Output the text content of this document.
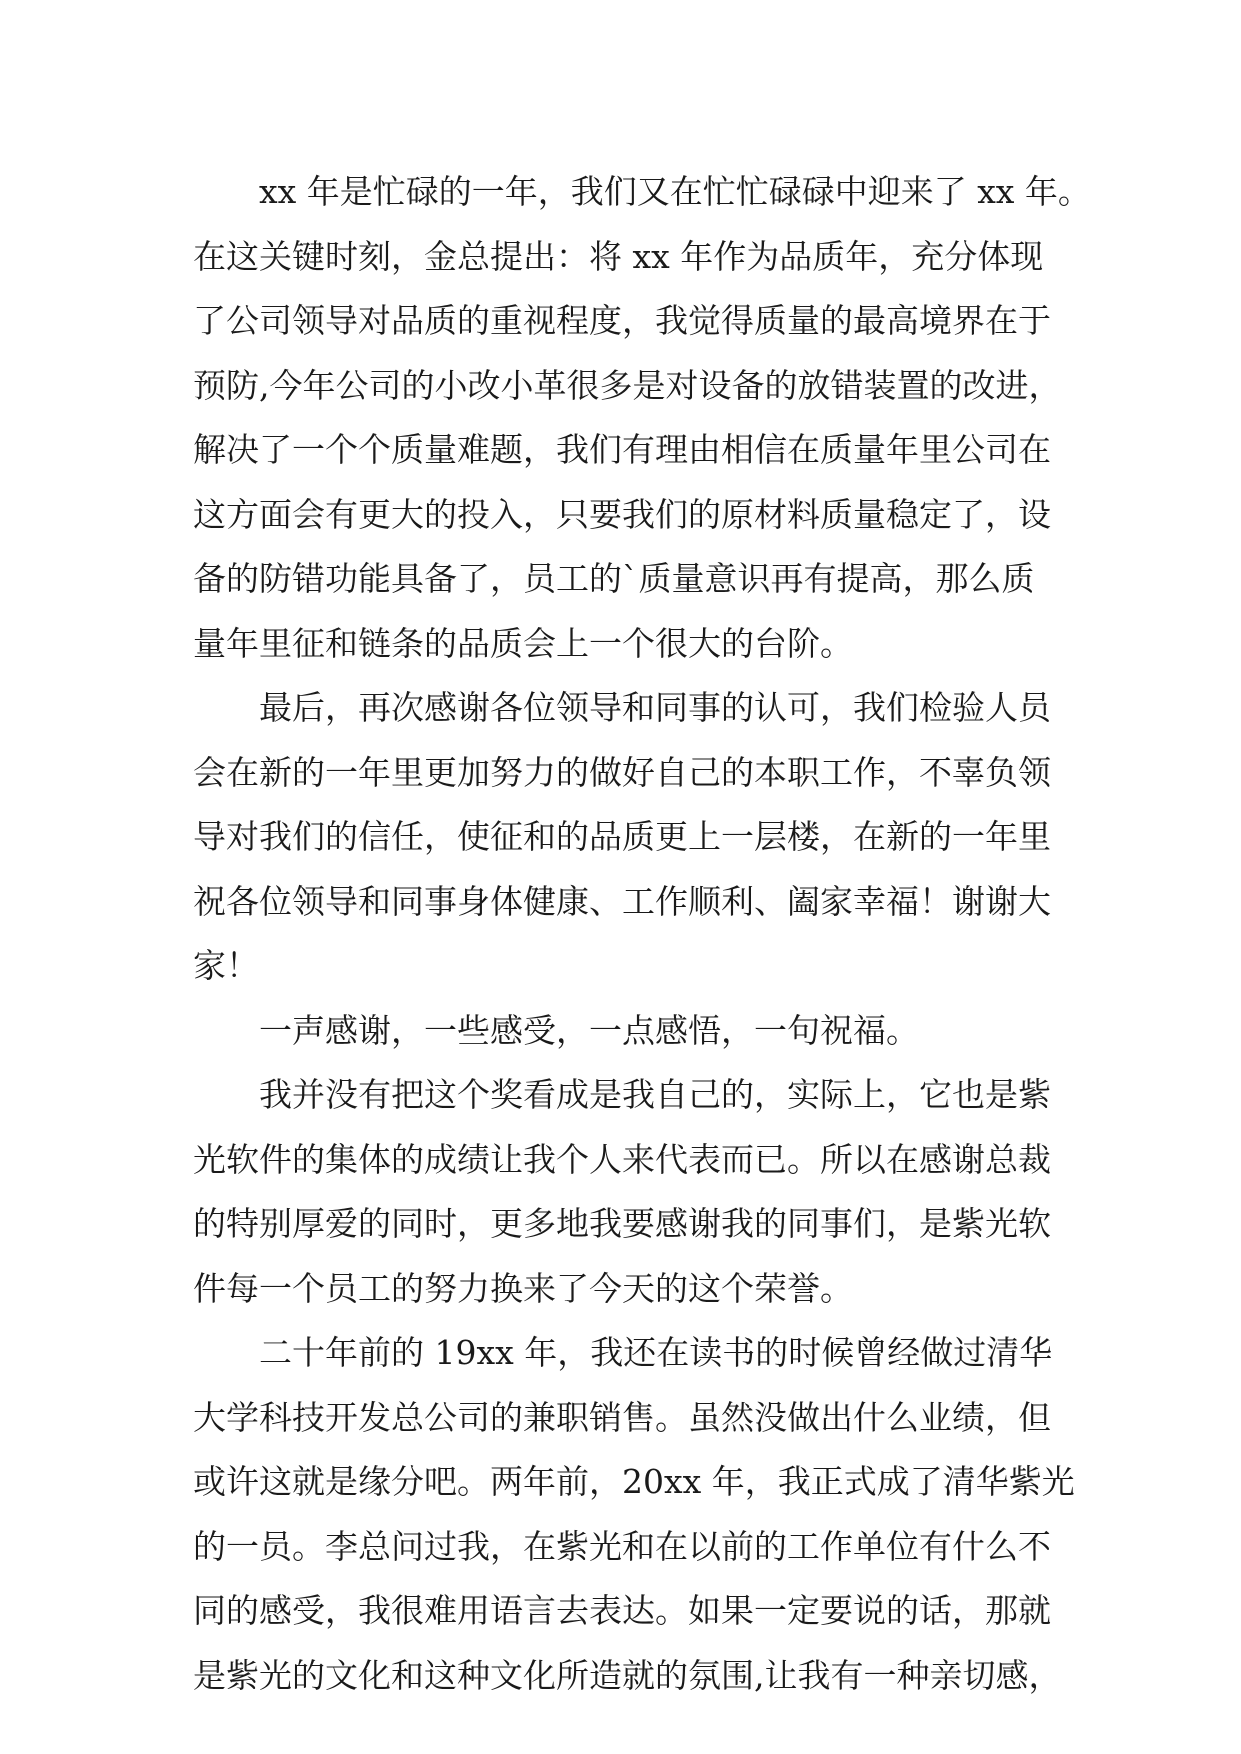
xx 年是忙碌的一年，我们又在忙忙碌碌中迎来了 xx 年。
在这关键时刻，金总提出：将 xx 年作为品质年，充分体现
了公司领导对品质的重视程度，我觉得质量的最高境界在于
预防,今年公司的小改小革很多是对设备的放错装置的改进，
解决了一个个质量难题，我们有理由相信在质量年里公司在
这方面会有更大的投入，只要我们的原材料质量稳定了，设
备的防错功能具备了，员工的`质量意识再有提高，那么质
量年里征和链条的品质会上一个很大的台阶。
最后，再次感谢各位领导和同事的认可，我们检验人员
会在新的一年里更加努力的做好自己的本职工作，不辜负领
导对我们的信任，使征和的品质更上一层楼，在新的一年里
祝各位领导和同事身体健康、工作顺利、阖家幸福！谢谢大
家！
一声感谢，一些感受，一点感悟，一句祝福。
我并没有把这个奖看成是我自己的，实际上，它也是紫
光软件的集体的成绩让我个人来代表而已。所以在感谢总裁
的特别厚爱的同时，更多地我要感谢我的同事们，是紫光软
件每一个员工的努力换来了今天的这个荣誉。
二十年前的 19xx 年，我还在读书的时候曾经做过清华
大学科技开发总公司的兼职销售。虽然没做出什么业绩，但
或许这就是缘分吧。两年前，20xx 年，我正式成了清华紫光
的一员。李总问过我，在紫光和在以前的工作单位有什么不
同的感受，我很难用语言去表达。如果一定要说的话，那就
是紫光的文化和这种文化所造就的氛围,让我有一种亲切感，
